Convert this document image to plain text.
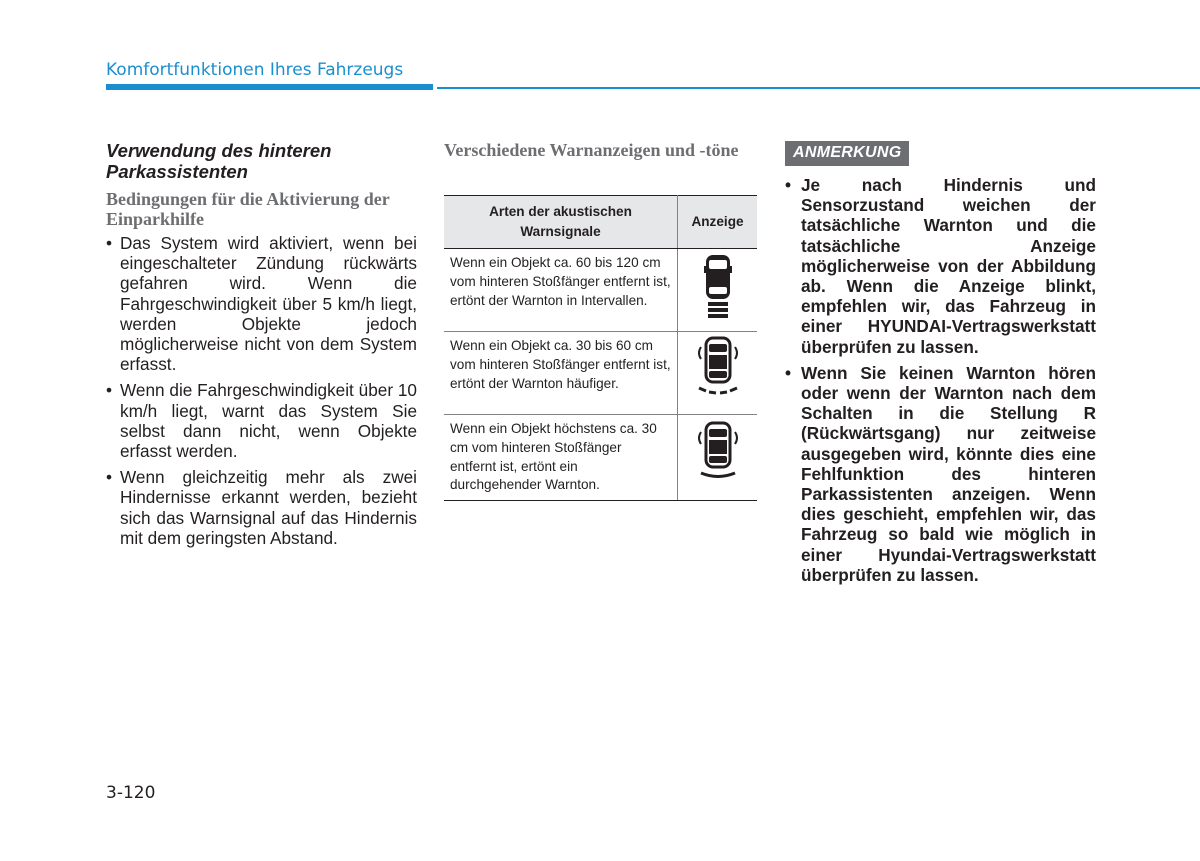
Komfortfunktionen Ihres Fahrzeugs
Verwendung des hinteren Parkassistenten
Bedingungen für die Aktivierung der Einparkhilfe
• Das System wird aktiviert, wenn bei eingeschalteter Zündung rückwärts gefahren wird. Wenn die Fahrgeschwindigkeit über 5 km/h liegt, werden Objekte jedoch möglicherweise nicht von dem System erfasst.
• Wenn die Fahrgeschwindigkeit über 10 km/h liegt, warnt das System Sie selbst dann nicht, wenn Objekte erfasst werden.
• Wenn gleichzeitig mehr als zwei Hindernisse erkannt werden, bezieht sich das Warnsignal auf das Hindernis mit dem geringsten Abstand.
Verschiedene Warnanzeigen und -töne
Arten der akustischen Warnsignale	Anzeige
Wenn ein Objekt ca. 60 bis 120 cm vom hinteren Stoßfänger entfernt ist, ertönt der Warnton in Intervallen.	
Wenn ein Objekt ca. 30 bis 60 cm vom hinteren Stoßfänger entfernt ist, ertönt der Warnton häufiger.	
Wenn ein Objekt höchstens ca. 30 cm vom hinteren Stoßfänger entfernt ist, ertönt ein durchgehender Warnton.	
ANMERKUNG
• Je nach Hindernis und Sensorzustand weichen der tatsächliche Warnton und die tatsächliche Anzeige möglicherweise von der Abbildung ab. Wenn die Anzeige blinkt, empfehlen wir, das Fahrzeug in einer HYUNDAI-Vertragswerkstatt überprüfen zu lassen.
• Wenn Sie keinen Warnton hören oder wenn der Warnton nach dem Schalten in die Stellung R (Rückwärtsgang) nur zeitweise ausgegeben wird, könnte dies eine Fehlfunktion des hinteren Parkassistenten anzeigen. Wenn dies geschieht, empfehlen wir, das Fahrzeug so bald wie möglich in einer Hyundai-Vertragswerkstatt überprüfen zu lassen.
3-120
